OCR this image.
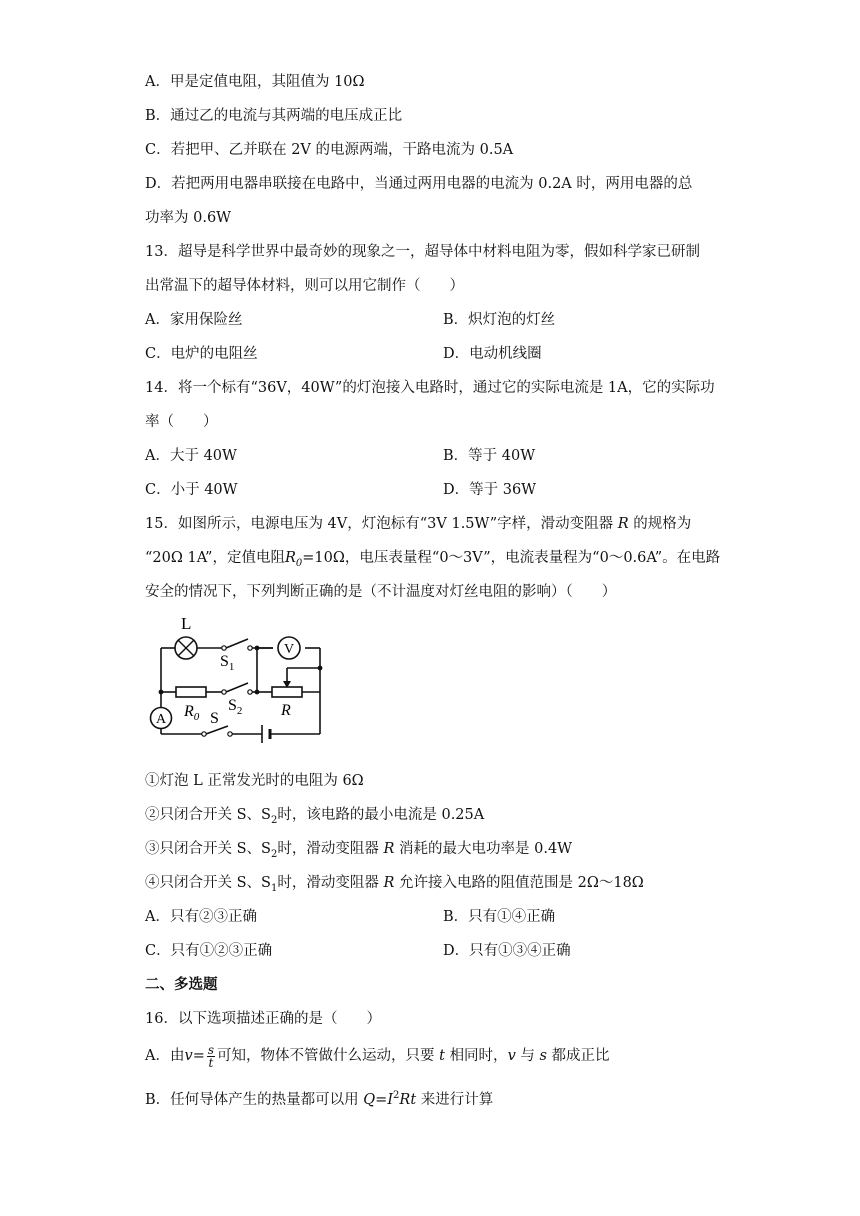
A．甲是定值电阻，其阻值为 10Ω
B．通过乙的电流与其两端的电压成正比
C．若把甲、乙并联在 2V 的电源两端，干路电流为 0.5A
D．若把两用电器串联接在电路中，当通过两用电器的电流为 0.2A 时，两用电器的总
功率为 0.6W
13．超导是科学世界中最奇妙的现象之一，超导体中材料电阻为零，假如科学家已研制
出常温下的超导体材料，则可以用它制作（　　）
A．家用保险丝	B．炽灯泡的灯丝
C．电炉的电阻丝	D．电动机线圈
14．将一个标有“36V，40W”的灯泡接入电路时，通过它的实际电流是 1A，它的实际功
率（　　）
A．大于 40W	B．等于 40W
C．小于 40W	D．等于 36W
15．如图所示，电源电压为 4V，灯泡标有“3V 1.5W”字样，滑动变阻器 R 的规格为
“20Ω 1A”，定值电阻$R_0=10\Omega$，电压表量程“0～3V”，电流表量程为“0～0.6A”。在电路
安全的情况下，下列判断正确的是（不计温度对灯丝电阻的影响）（　　）
L
V
A
$S_1$
$S_2$
S
$R_0$	R
①灯泡 L 正常发光时的电阻为 6Ω
②只闭合开关 S、$S_2$时，该电路的最小电流是 0.25A
③只闭合开关 S、$S_2$时，滑动变阻器 R 消耗的最大电功率是 0.4W
④只闭合开关 S、$S_1$时，滑动变阻器 R 允许接入电路的阻值范围是 2Ω～18Ω
A．只有②③正确	B．只有①④正确
C．只有①②③正确	D．只有①③④正确
二、多选题
16．以下选项描述正确的是（　　）
A．由$v= \frac{s}{t}$ 可知，物体不管做什么运动，只要 t 相同时，v 与 s 都成正比
B．任何导体产生的热量都可以用 $Q=I^2Rt$ 来进行计算
